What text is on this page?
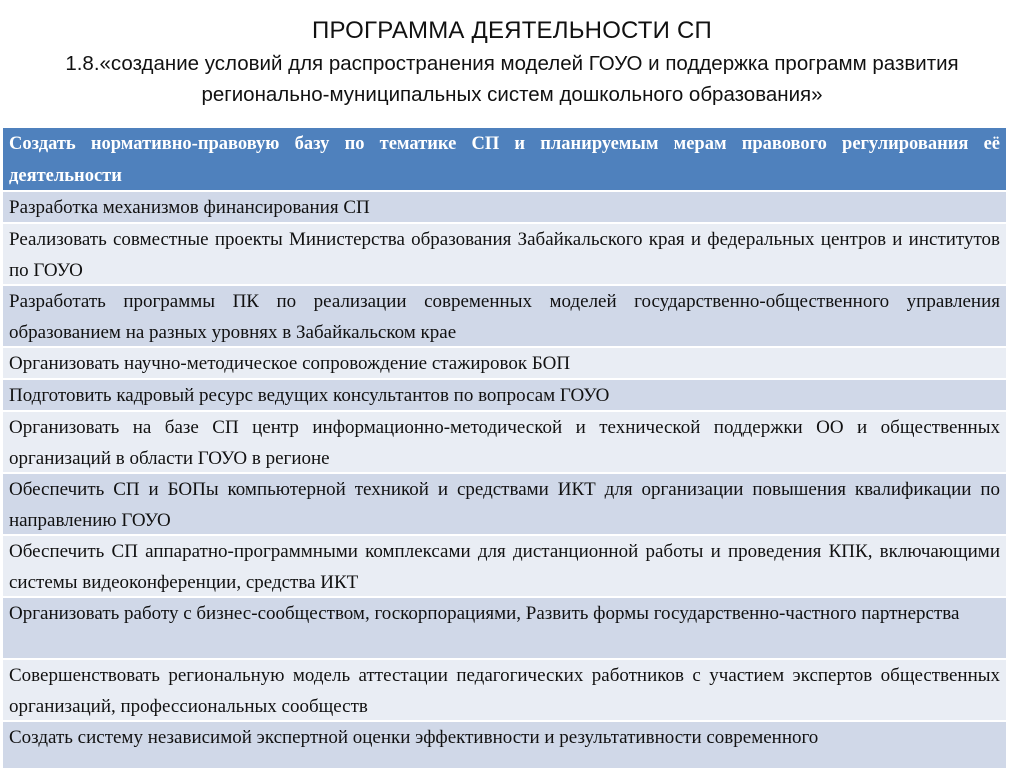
ПРОГРАММА ДЕЯТЕЛЬНОСТИ СП
1.8.«создание условий для распространения моделей ГОУО и поддержка программ развития регионально-муниципальных систем дошкольного образования»
Создать нормативно-правовую базу по тематике СП и планируемым мерам правового регулирования её деятельности
Разработка механизмов финансирования СП
Реализовать совместные проекты Министерства образования Забайкальского края и федеральных центров и институтов по ГОУО
Разработать программы ПК по реализации современных моделей государственно-общественного управления образованием на разных уровнях в Забайкальском крае
Организовать научно-методическое сопровождение стажировок БОП
Подготовить кадровый ресурс ведущих консультантов по вопросам ГОУО
Организовать на базе СП центр информационно-методической и технической поддержки ОО и общественных организаций в области ГОУО в регионе
Обеспечить СП и БОПы компьютерной техникой и средствами ИКТ для организации повышения квалификации по направлению ГОУО
Обеспечить СП аппаратно-программными комплексами для дистанционной работы и проведения КПК, включающими системы видеоконференции, средства ИКТ
Организовать работу с бизнес-сообществом, госкорпорациями, Развить формы государственно-частного партнерства
Совершенствовать региональную модель аттестации педагогических работников с участием экспертов общественных организаций, профессиональных сообществ
Создать систему независимой экспертной оценки эффективности и результативности современного
